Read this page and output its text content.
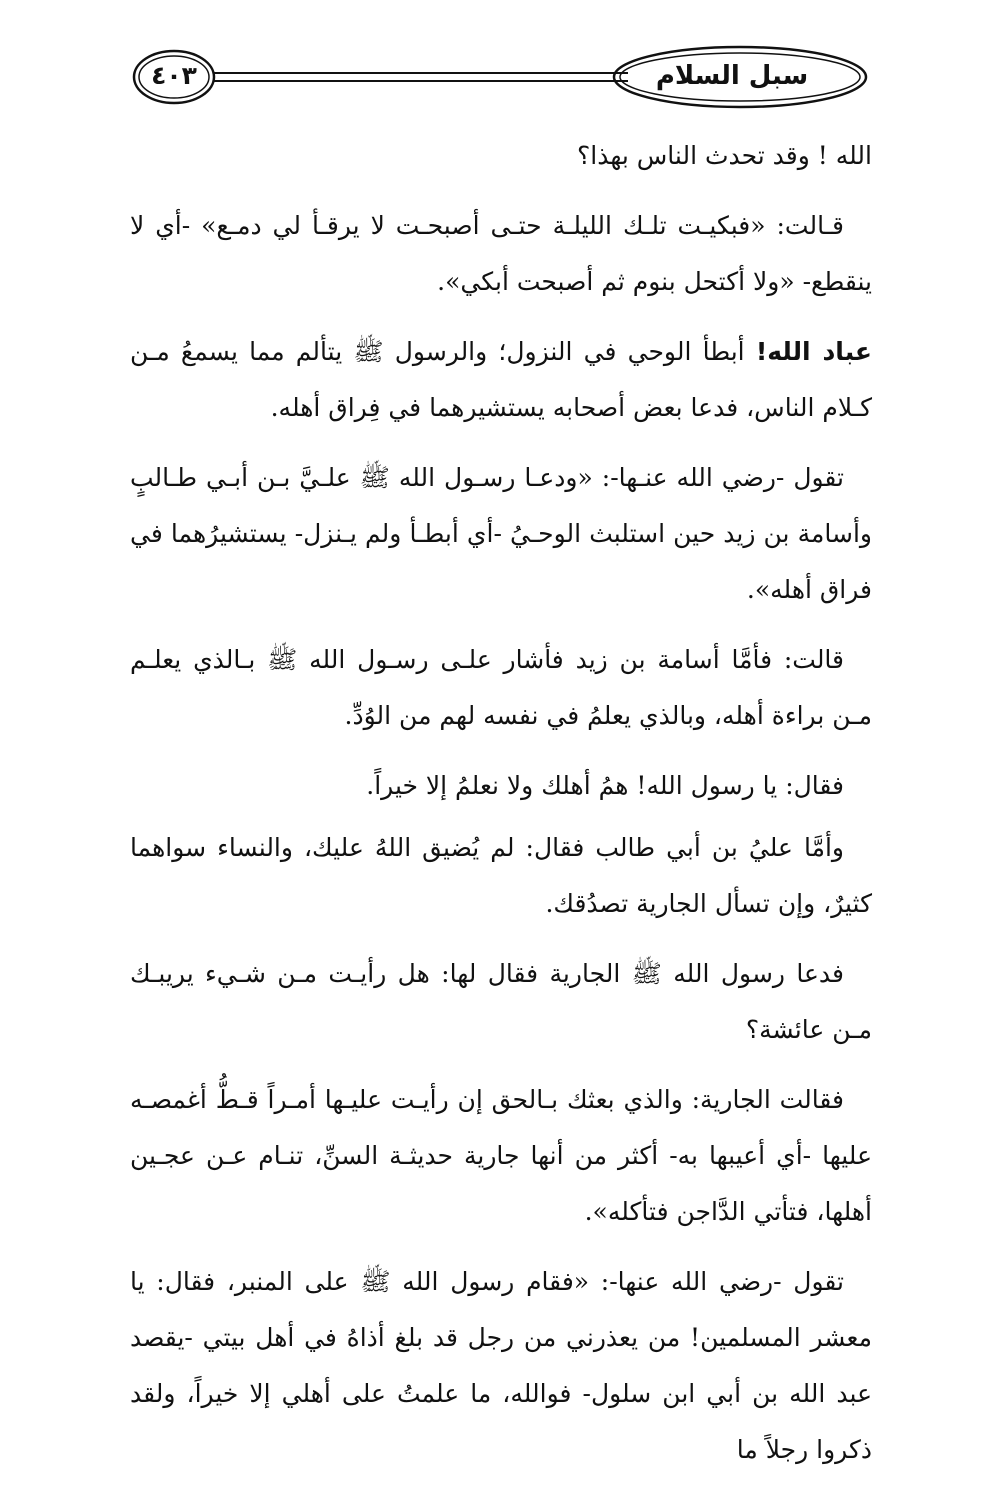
سبل السلام
٤٠٣

الله ! وقد تحدث الناس بهذا؟

قـالت: «فبكيـت تلـك الليلـة حتـى أصبحـت لا يرقـأ لي دمـع» -أي لا ينقطع- «ولا أكتحل بنوم ثم أصبحت أبكي».

عباد الله! أبطأ الوحي في النزول؛ والرسول ﷺ يتألم مما يسمعُ مـن كـلام الناس، فدعا بعض أصحابه يستشيرهما في فِراق أهله.

تقول -رضي الله عنـها-: «ودعـا رسـول الله ﷺ علـيَّ بـن أبـي طـالبٍ وأسامة بن زيد حين استلبث الوحـيُ -أي أبطـأ ولم يـنزل- يستشيرُهما في فراق أهله».

قالت: فأمَّا أسامة بن زيد فأشار علـى رسـول الله ﷺ بـالذي يعلـم مـن براءة أهله، وبالذي يعلمُ في نفسه لهم من الوُدِّ.

فقال: يا رسول الله! همُ أهلك ولا نعلمُ إلا خيراً.

وأمَّا عليُ بن أبي طالب فقال: لم يُضيق اللهُ عليك، والنساء سواهما كثيرٌ، وإن تسأل الجارية تصدُقك.

فدعا رسول الله ﷺ الجارية فقال لها: هل رأيـت مـن شـيء يريبـك مـن عائشة؟

فقالت الجارية: والذي بعثك بـالحق إن رأيـت عليـها أمـراً قـطُّ أغمصـه عليها -أي أعيبها به- أكثر من أنها جارية حديثـة السنِّ، تنـام عـن عجـين أهلها، فتأتي الدَّاجن فتأكله».

تقول -رضي الله عنها-: «فقام رسول الله ﷺ على المنبر، فقال: يا معشر المسلمين! من يعذرني من رجل قد بلغ أذاهُ في أهل بيتي -يقصد عبد الله بن أبي ابن سلول- فوالله، ما علمتُ على أهلي إلا خيراً، ولقد ذكروا رجلاً ما
